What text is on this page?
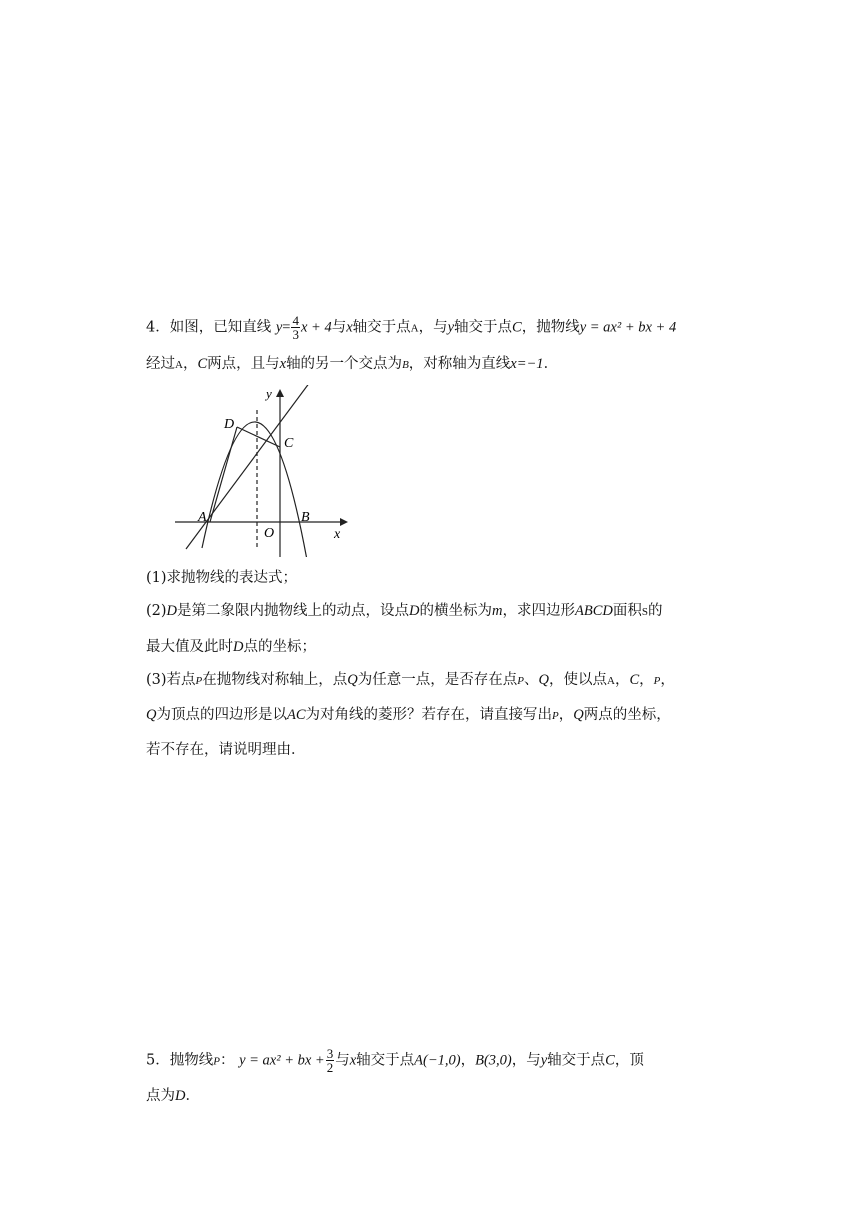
4．如图，已知直线 $y= \frac{4}{3}$ x + 4与x轴交于点A，与y轴交于点C，抛物线y = ax² + bx + 4
经过A，C两点，且与x轴的另一个交点为B，对称轴为直线x=−1．
y
D
C
A
O
B
x
(1)求抛物线的表达式；
(2)D是第二象限内抛物线上的动点，设点D的横坐标为m，求四边形ABCD面积S的
最大值及此时D点的坐标；
(3)若点P在抛物线对称轴上，点Q为任意一点，是否存在点P、Q，使以点A，C，P，
Q为顶点的四边形是以AC为对角线的菱形？若存在，请直接写出P，Q两点的坐标，
若不存在，请说明理由．
5．抛物线P： y = ax² + bx + $\frac{3}{2}$ 与x轴交于点A(−1,0)，B(3,0)，与y轴交于点C，顶
点为D．
